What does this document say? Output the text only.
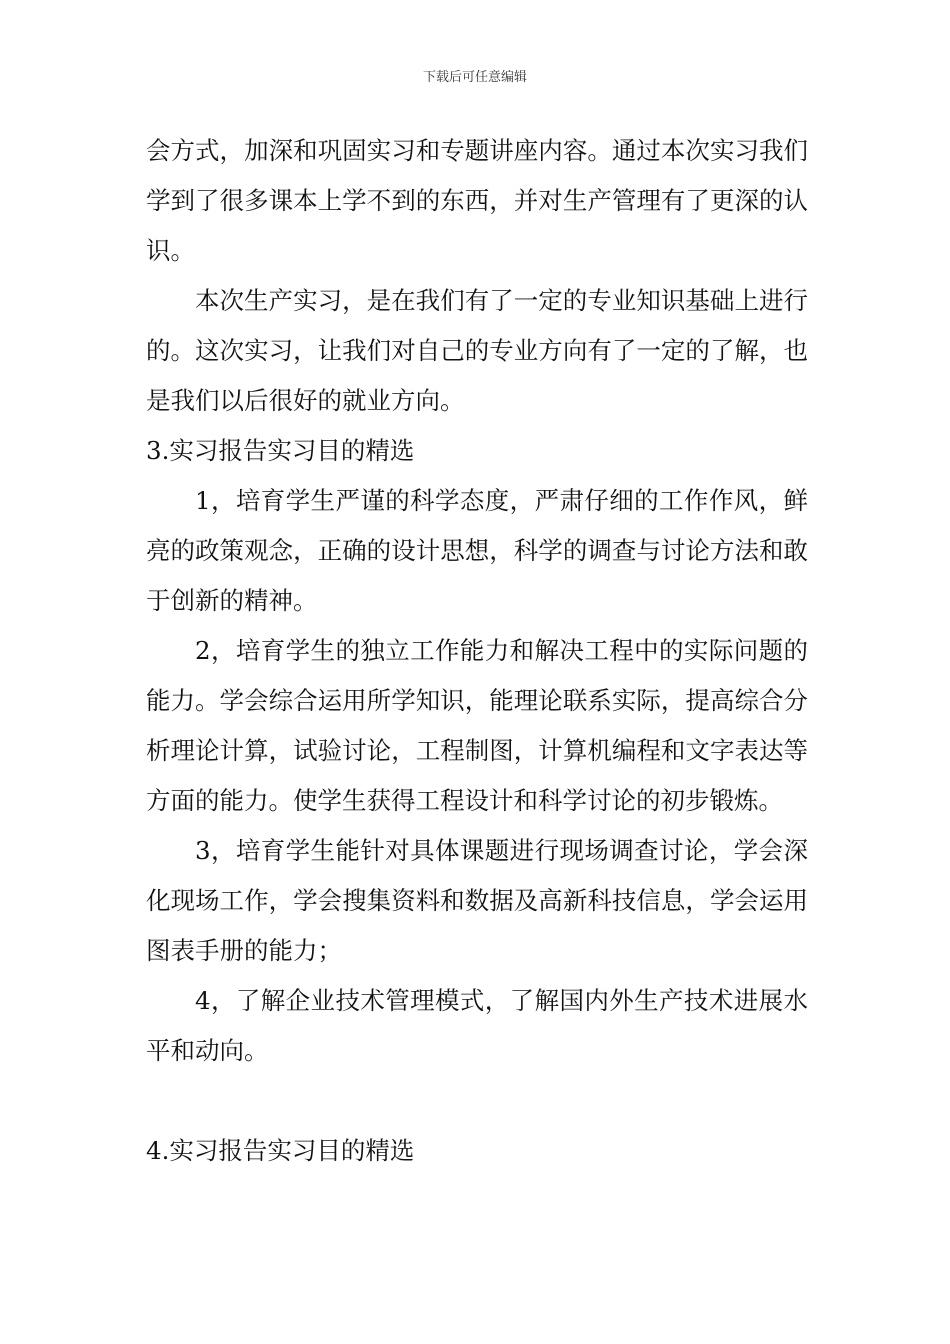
下载后可任意编辑

会方式，加深和巩固实习和专题讲座内容。通过本次实习我们学到了很多课本上学不到的东西，并对生产管理有了更深的认识。

本次生产实习，是在我们有了一定的专业知识基础上进行的。这次实习，让我们对自己的专业方向有了一定的了解，也是我们以后很好的就业方向。

3.实习报告实习目的精选

1，培育学生严谨的科学态度，严肃仔细的工作作风，鲜亮的政策观念，正确的设计思想，科学的调查与讨论方法和敢于创新的精神。

2，培育学生的独立工作能力和解决工程中的实际问题的能力。学会综合运用所学知识，能理论联系实际，提高综合分析理论计算，试验讨论，工程制图，计算机编程和文字表达等方面的能力。使学生获得工程设计和科学讨论的初步锻炼。

3，培育学生能针对具体课题进行现场调查讨论，学会深化现场工作，学会搜集资料和数据及高新科技信息，学会运用图表手册的能力；

4，了解企业技术管理模式，了解国内外生产技术进展水平和动向。

4.实习报告实习目的精选
